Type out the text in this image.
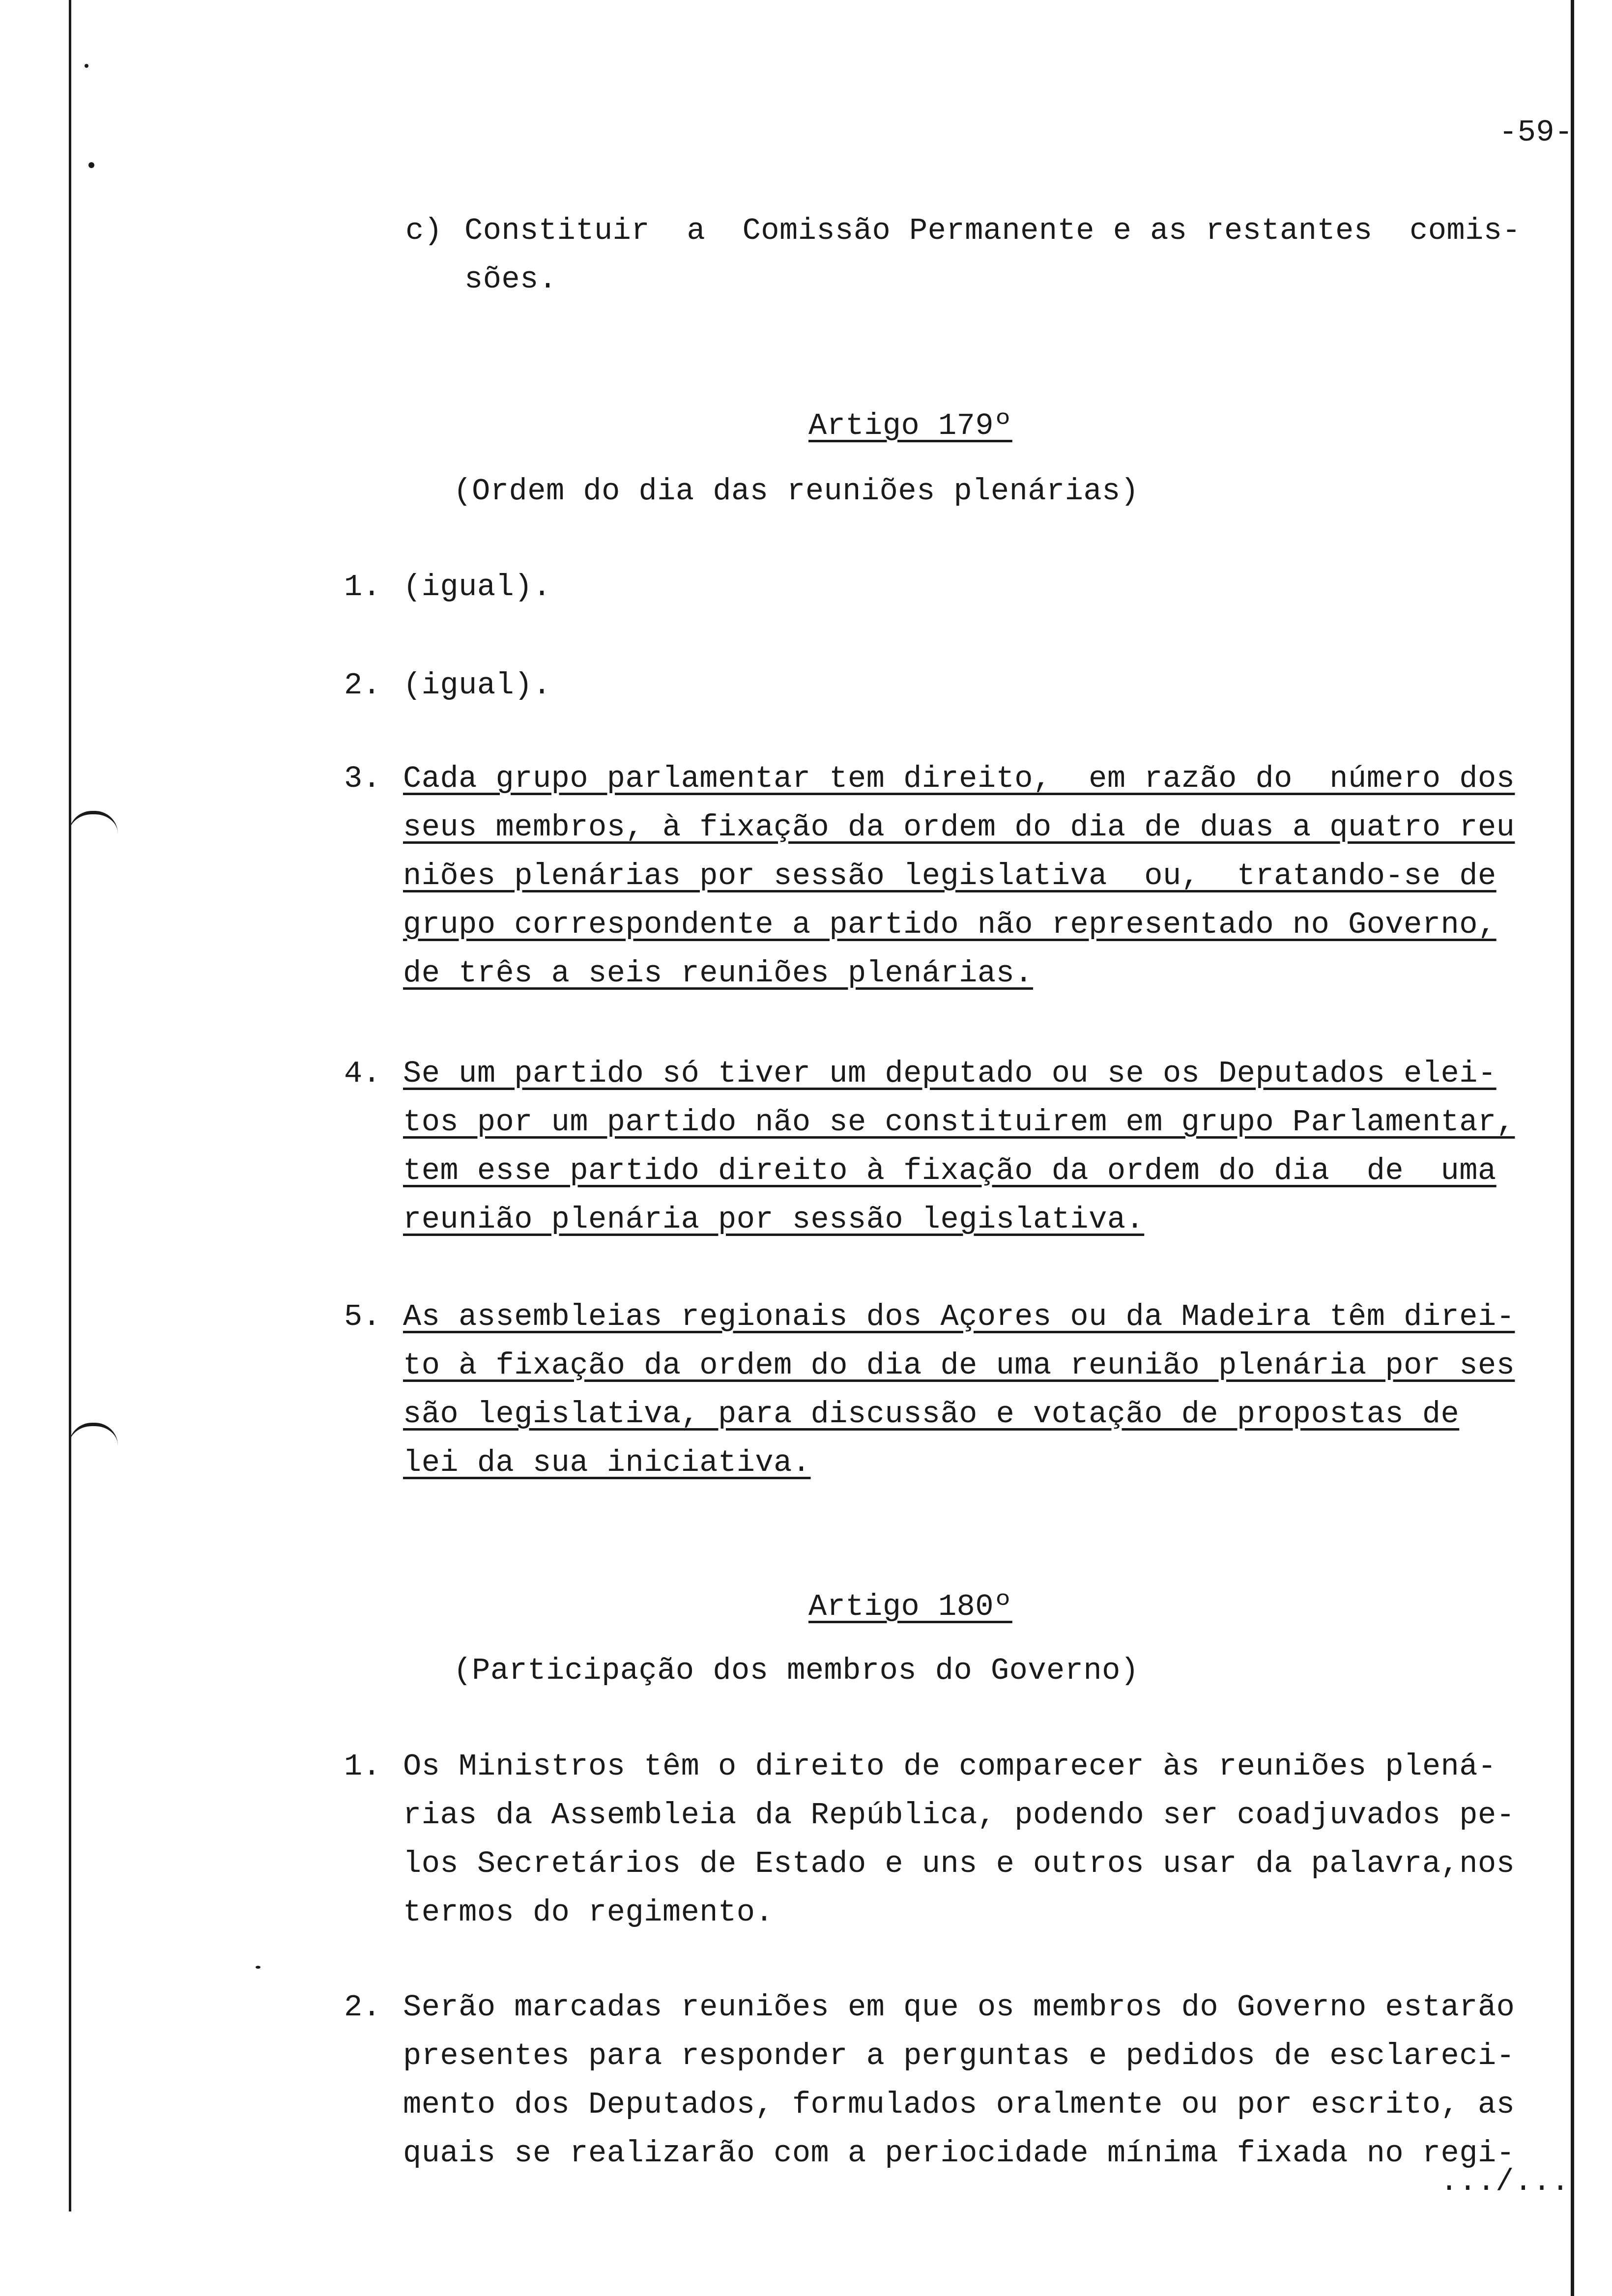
-59-
c) Constituir  a  Comissão Permanente e as restantes  comis-
sões.
Artigo 179º
(Ordem do dia das reuniões plenárias)
1. (igual).
2. (igual).
3. Cada grupo parlamentar tem direito,  em razão do  número dos
seus membros, à fixação da ordem do dia de duas a quatro reu
niões plenárias por sessão legislativa  ou,  tratando-se de
grupo correspondente a partido não representado no Governo,
de três a seis reuniões plenárias.
4. Se um partido só tiver um deputado ou se os Deputados elei-
tos por um partido não se constituirem em grupo Parlamentar,
tem esse partido direito à fixação da ordem do dia  de  uma
reunião plenária por sessão legislativa.
5. As assembleias regionais dos Açores ou da Madeira têm direi-
to à fixação da ordem do dia de uma reunião plenária por ses
são legislativa, para discussão e votação de propostas de
lei da sua iniciativa.
Artigo 180º
(Participação dos membros do Governo)
1. Os Ministros têm o direito de comparecer às reuniões plená-
rias da Assembleia da República, podendo ser coadjuvados pe-
los Secretários de Estado e uns e outros usar da palavra,nos
termos do regimento.
2. Serão marcadas reuniões em que os membros do Governo estarão
presentes para responder a perguntas e pedidos de esclareci-
mento dos Deputados, formulados oralmente ou por escrito, as
quais se realizarão com a periocidade mínima fixada no regi-
.../...
